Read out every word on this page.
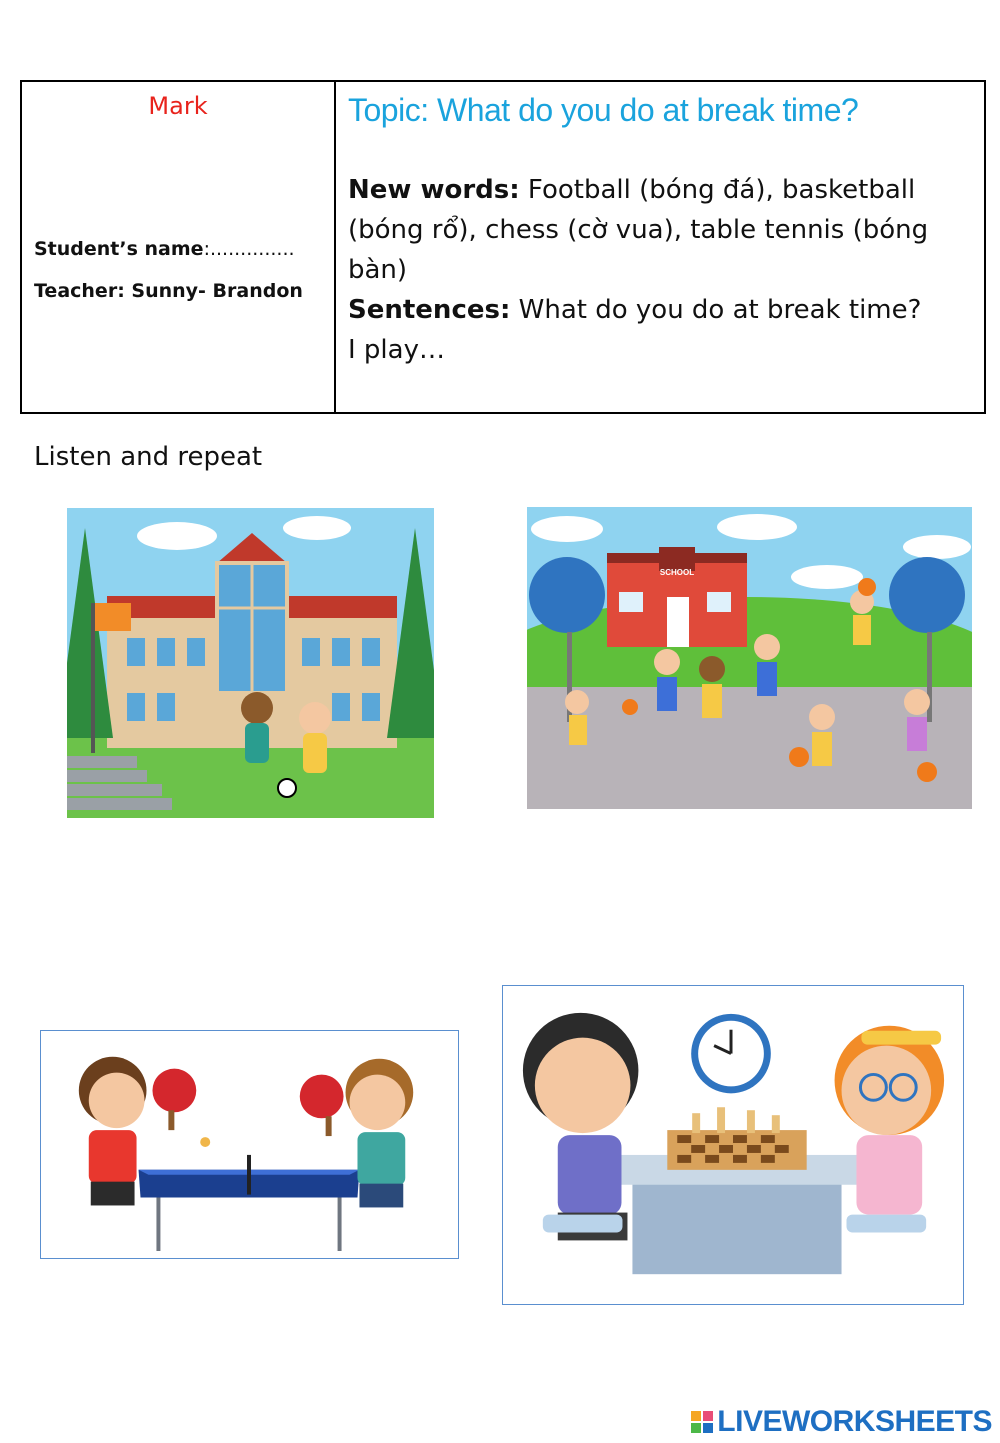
Mark
Student’s name:..............
Teacher: Sunny- Brandon
Topic: What do you do at break time?
New words: Football (bóng đá), basketball (bóng rổ), chess (cờ vua), table tennis (bóng bàn)
Sentences: What do you do at break time?
I play…
Listen and repeat
SCHOOL
LIVEWORKSHEETS
